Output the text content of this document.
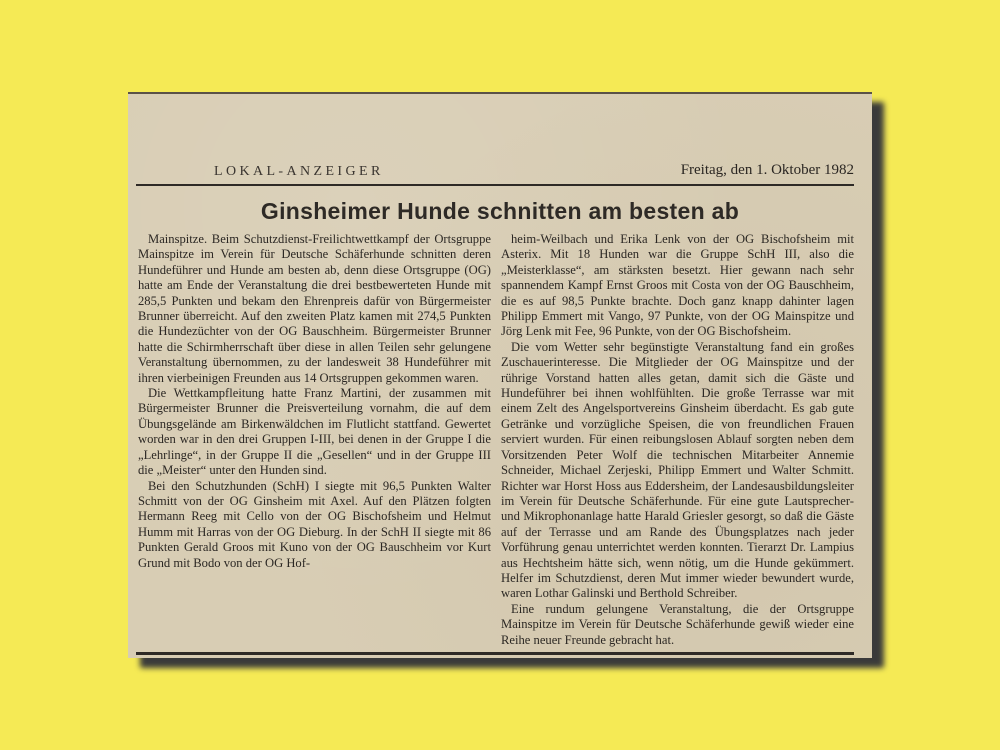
LOKAL-ANZEIGER	Freitag, den 1. Oktober 1982
Ginsheimer Hunde schnitten am besten ab

Mainspitze. Beim Schutzdienst-Freilichtwettkampf der Ortsgruppe Mainspitze im Verein für Deutsche Schäferhunde schnitten deren Hundeführer und Hunde am besten ab, denn diese Ortsgruppe (OG) hatte am Ende der Veranstaltung die drei bestbewerteten Hunde mit 285,5 Punkten und bekam den Ehrenpreis dafür von Bürgermeister Brunner überreicht. Auf den zweiten Platz kamen mit 274,5 Punkten die Hundezüchter von der OG Bauschheim. Bürgermeister Brunner hatte die Schirmherrschaft über diese in allen Teilen sehr gelungene Veranstaltung übernommen, zu der landesweit 38 Hundeführer mit ihren vierbeinigen Freunden aus 14 Ortsgruppen gekommen waren.

Die Wettkampfleitung hatte Franz Martini, der zusammen mit Bürgermeister Brunner die Preisverteilung vornahm, die auf dem Übungsgelände am Birkenwäldchen im Flutlicht stattfand. Gewertet worden war in den drei Gruppen I-III, bei denen in der Gruppe I die „Lehrlinge“, in der Gruppe II die „Gesellen“ und in der Gruppe III die „Meister“ unter den Hunden sind.

Bei den Schutzhunden (SchH) I siegte mit 96,5 Punkten Walter Schmitt von der OG Ginsheim mit Axel. Auf den Plätzen folgten Hermann Reeg mit Cello von der OG Bischofsheim und Helmut Humm mit Harras von der OG Dieburg. In der SchH II siegte mit 86 Punkten Gerald Groos mit Kuno von der OG Bauschheim vor Kurt Grund mit Bodo von der OG Hof-

heim-Weilbach und Erika Lenk von der OG Bischofsheim mit Asterix. Mit 18 Hunden war die Gruppe SchH III, also die „Meisterklasse“, am stärksten besetzt. Hier gewann nach sehr spannendem Kampf Ernst Groos mit Costa von der OG Bauschheim, die es auf 98,5 Punkte brachte. Doch ganz knapp dahinter lagen Philipp Emmert mit Vango, 97 Punkte, von der OG Mainspitze und Jörg Lenk mit Fee, 96 Punkte, von der OG Bischofsheim.

Die vom Wetter sehr begünstigte Veranstaltung fand ein großes Zuschauerinteresse. Die Mitglieder der OG Mainspitze und der rührige Vorstand hatten alles getan, damit sich die Gäste und Hundeführer bei ihnen wohlfühlten. Die große Terrasse war mit einem Zelt des Angelsportvereins Ginsheim überdacht. Es gab gute Getränke und vorzügliche Speisen, die von freundlichen Frauen serviert wurden. Für einen reibungslosen Ablauf sorgten neben dem Vorsitzenden Peter Wolf die technischen Mitarbeiter Annemie Schneider, Michael Zerjeski, Philipp Emmert und Walter Schmitt. Richter war Horst Hoss aus Eddersheim, der Landesausbildungsleiter im Verein für Deutsche Schäferhunde. Für eine gute Lautsprecher- und Mikrophonanlage hatte Harald Griesler gesorgt, so daß die Gäste auf der Terrasse und am Rande des Übungsplatzes nach jeder Vorführung genau unterrichtet werden konnten. Tierarzt Dr. Lampius aus Hechtsheim hätte sich, wenn nötig, um die Hunde gekümmert. Helfer im Schutzdienst, deren Mut immer wieder bewundert wurde, waren Lothar Galinski und Berthold Schreiber.

Eine rundum gelungene Veranstaltung, die der Ortsgruppe Mainspitze im Verein für Deutsche Schäferhunde gewiß wieder eine Reihe neuer Freunde gebracht hat.
